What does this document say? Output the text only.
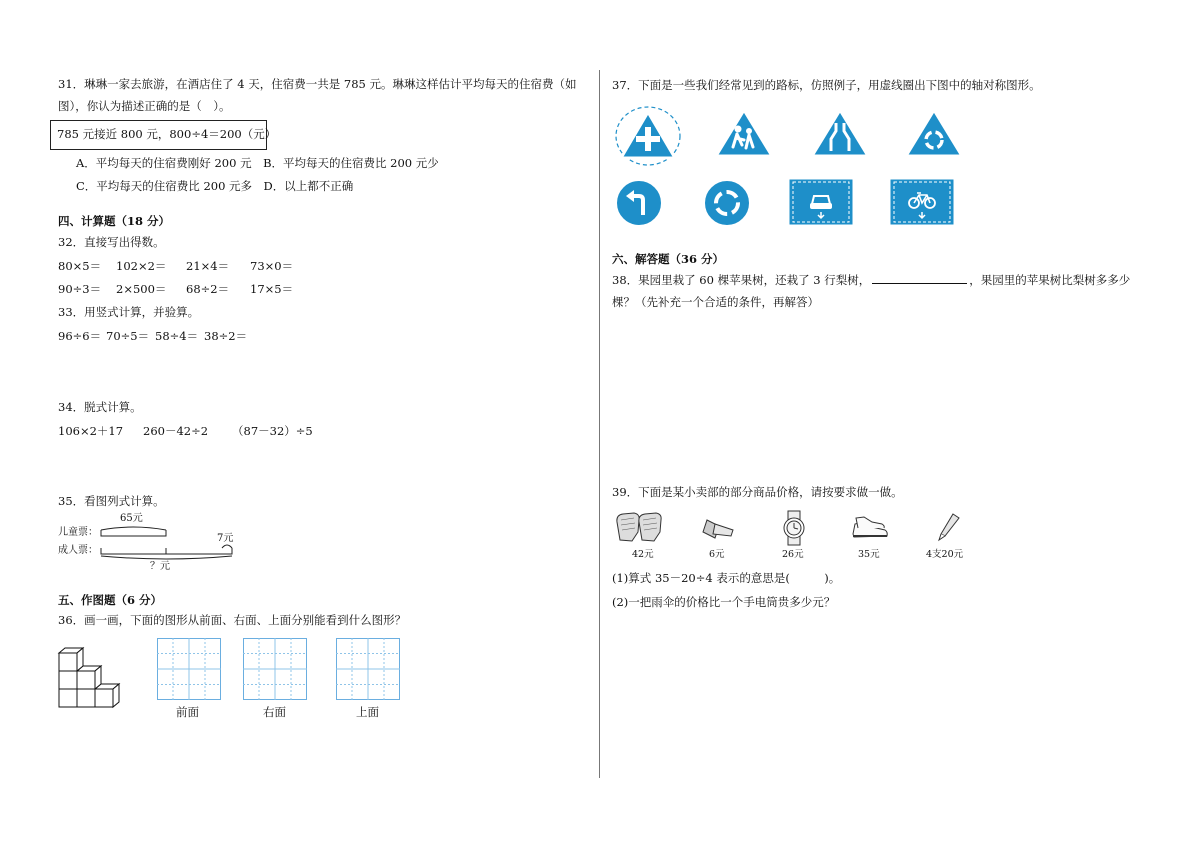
31．琳琳一家去旅游，在酒店住了 4 天，住宿费一共是 785 元。琳琳这样估计平均每天的住宿费（如
图），你认为描述正确的是（　）。
785 元接近 800 元，800÷4＝200（元）
A．平均每天的住宿费刚好 200 元　B．平均每天的住宿费比 200 元少
C．平均每天的住宿费比 200 元多　D．以上都不正确
四、计算题（18 分）
32．直接写出得数。
80×5＝ 102×2＝ 21×4＝ 73×0＝
90÷3＝ 2×500＝ 68÷2＝ 17×5＝
33．用竖式计算，并验算。
96÷6＝ 70÷5＝ 58÷4＝ 38÷2＝
34．脱式计算。
106×2＋17 260－42÷2 （87－32）÷5
35．看图列式计算。
儿童票：
成人票：
65元
7元
？元
五、作图题（6 分）
36．画一画，下面的图形从前面、右面、上面分别能看到什么图形？
前面	右面	上面
37．下面是一些我们经常见到的路标，仿照例子，用虚线圈出下图中的轴对称图形。
六、解答题（36 分）
38．果园里栽了 60 棵苹果树，还栽了 3 行梨树，	，果园里的苹果树比梨树多多少
棵？（先补充一个合适的条件，再解答）
39．下面是某小卖部的部分商品价格，请按要求做一做。
42元	6元	26元	35元	4支20元
(1)算式 35－20÷4 表示的意思是(　　　)。
(2)一把雨伞的价格比一个手电筒贵多少元？
